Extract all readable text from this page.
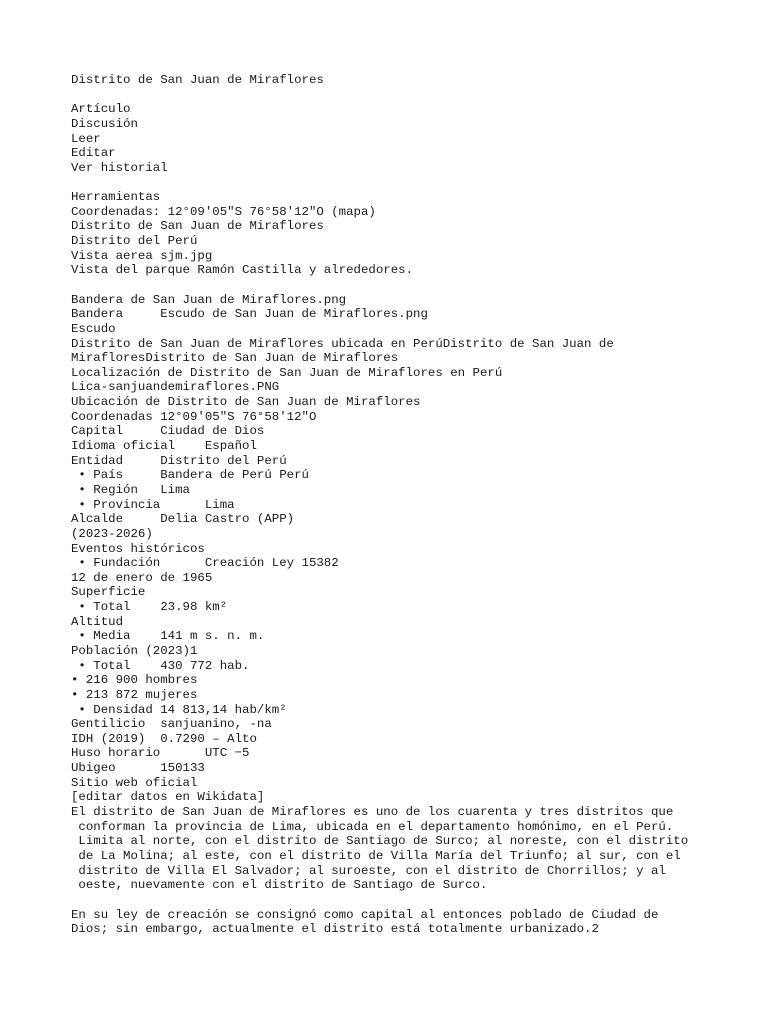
Distrito de San Juan de Miraflores
Artículo
Discusión
Leer
Editar
Ver historial
Herramientas
Coordenadas: 12°09'05"S 76°58'12"O (mapa)
Distrito de San Juan de Miraflores
Distrito del Perú
Vista aerea sjm.jpg
Vista del parque Ramón Castilla y alrededores.
Bandera de San Juan de Miraflores.png
Bandera     Escudo de San Juan de Miraflores.png
Escudo
Distrito de San Juan de Miraflores ubicada en PerúDistrito de San Juan de
MirafloresDistrito de San Juan de Miraflores
Localización de Distrito de San Juan de Miraflores en Perú
Lica-sanjuandemiraflores.PNG
Ubicación de Distrito de San Juan de Miraflores
Coordenadas 12°09'05"S 76°58'12"O
Capital     Ciudad de Dios
Idioma oficial    Español
Entidad     Distrito del Perú
• País     Bandera de Perú Perú
• Región   Lima
• Provincia      Lima
Alcalde     Delia Castro (APP)
(2023-2026)
Eventos históricos
• Fundación      Creación Ley 15382
12 de enero de 1965
Superficie
• Total    23.98 km²
Altitud
• Media    141 m s. n. m.
Población (2023)1
• Total    430 772 hab.
• 216 900 hombres
• 213 872 mujeres
• Densidad 14 813,14 hab/km²
Gentilicio  sanjuanino, -na
IDH (2019)  0.7290 – Alto
Huso horario      UTC −5
Ubigeo      150133
Sitio web oficial
[editar datos en Wikidata]
El distrito de San Juan de Miraflores es uno de los cuarenta y tres distritos que
conforman la provincia de Lima, ubicada en el departamento homónimo, en el Perú.
Limita al norte, con el distrito de Santiago de Surco; al noreste, con el distrito
de La Molina; al este, con el distrito de Villa María del Triunfo; al sur, con el
distrito de Villa El Salvador; al suroeste, con el distrito de Chorrillos; y al
oeste, nuevamente con el distrito de Santiago de Surco.
En su ley de creación se consignó como capital al entonces poblado de Ciudad de
Dios; sin embargo, actualmente el distrito está totalmente urbanizado.2
